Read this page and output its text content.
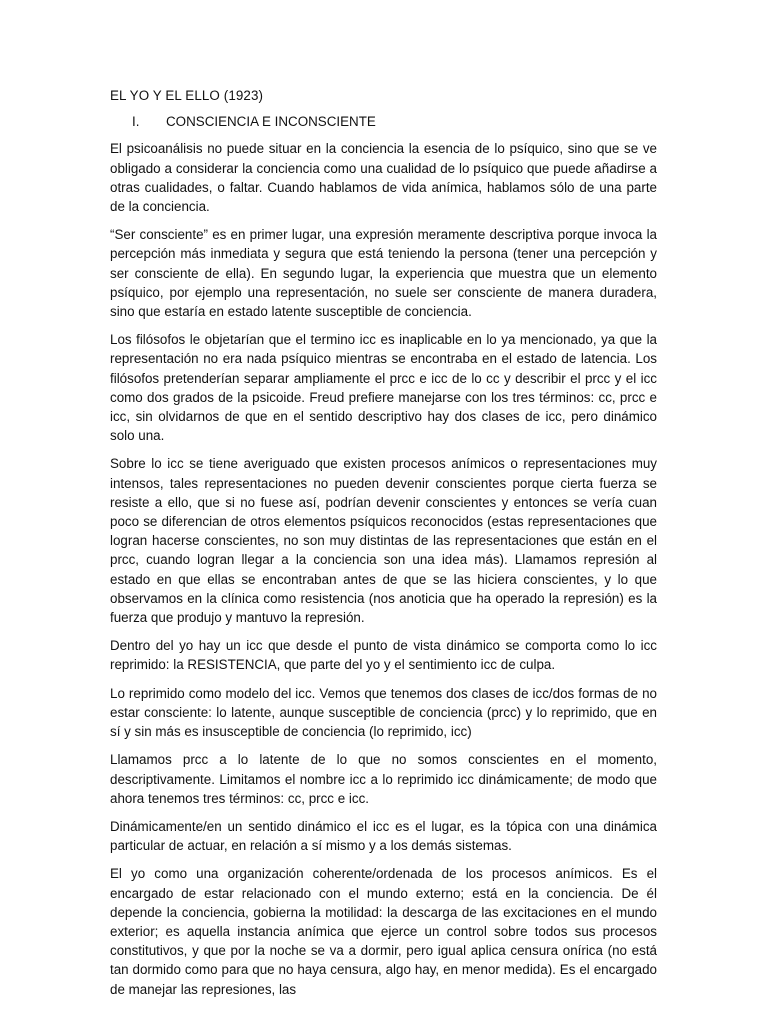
EL YO Y EL ELLO (1923)

I.	CONSCIENCIA E INCONSCIENTE

El psicoanálisis no puede situar en la conciencia la esencia de lo psíquico, sino que se ve obligado a considerar la conciencia como una cualidad de lo psíquico que puede añadirse a otras cualidades, o faltar. Cuando hablamos de vida anímica, hablamos sólo de una parte de la conciencia.

“Ser consciente” es en primer lugar, una expresión meramente descriptiva porque invoca la percepción más inmediata y segura que está teniendo la persona (tener una percepción y ser consciente de ella). En segundo lugar, la experiencia que muestra que un elemento psíquico, por ejemplo una representación, no suele ser consciente de manera duradera, sino que estaría en estado latente susceptible de conciencia.

Los filósofos le objetarían que el termino icc es inaplicable en lo ya mencionado, ya que la representación no era nada psíquico mientras se encontraba en el estado de latencia. Los filósofos pretenderían separar ampliamente el prcc e icc de lo cc y describir el prcc y el icc como dos grados de la psicoide. Freud prefiere manejarse con los tres términos: cc, prcc e icc, sin olvidarnos de que en el sentido descriptivo hay dos clases de icc, pero dinámico solo una.

Sobre lo icc se tiene averiguado que existen procesos anímicos o representaciones muy intensos, tales representaciones no pueden devenir conscientes porque cierta fuerza se resiste a ello, que si no fuese así, podrían devenir conscientes y entonces se vería cuan poco se diferencian de otros elementos psíquicos reconocidos (estas representaciones que logran hacerse conscientes, no son muy distintas de las representaciones que están en el prcc, cuando logran llegar a la conciencia son una idea más). Llamamos represión al estado en que ellas se encontraban antes de que se las hiciera conscientes, y lo que observamos en la clínica como resistencia (nos anoticia que ha operado la represión) es la fuerza que produjo y mantuvo la represión.

Dentro del yo hay un icc que desde el punto de vista dinámico se comporta como lo icc reprimido: la RESISTENCIA, que parte del yo y el sentimiento icc de culpa.

Lo reprimido como modelo del icc. Vemos que tenemos dos clases de icc/dos formas de no estar consciente: lo latente, aunque susceptible de conciencia (prcc) y lo reprimido, que en sí y sin más es insusceptible de conciencia (lo reprimido, icc)

Llamamos prcc a lo latente de lo que no somos conscientes en el momento, descriptivamente. Limitamos el nombre icc a lo reprimido icc dinámicamente; de modo que ahora tenemos tres términos: cc, prcc e icc.

Dinámicamente/en un sentido dinámico el icc es el lugar, es la tópica con una dinámica particular de actuar, en relación a sí mismo y a los demás sistemas.

El yo como una organización coherente/ordenada de los procesos anímicos. Es el encargado de estar relacionado con el mundo externo; está en la conciencia. De él depende la conciencia, gobierna la motilidad: la descarga de las excitaciones en el mundo exterior; es aquella instancia anímica que ejerce un control sobre todos sus procesos constitutivos, y que por la noche se va a dormir, pero igual aplica censura onírica (no está tan dormido como para que no haya censura, algo hay, en menor medida). Es el encargado de manejar las represiones, las
